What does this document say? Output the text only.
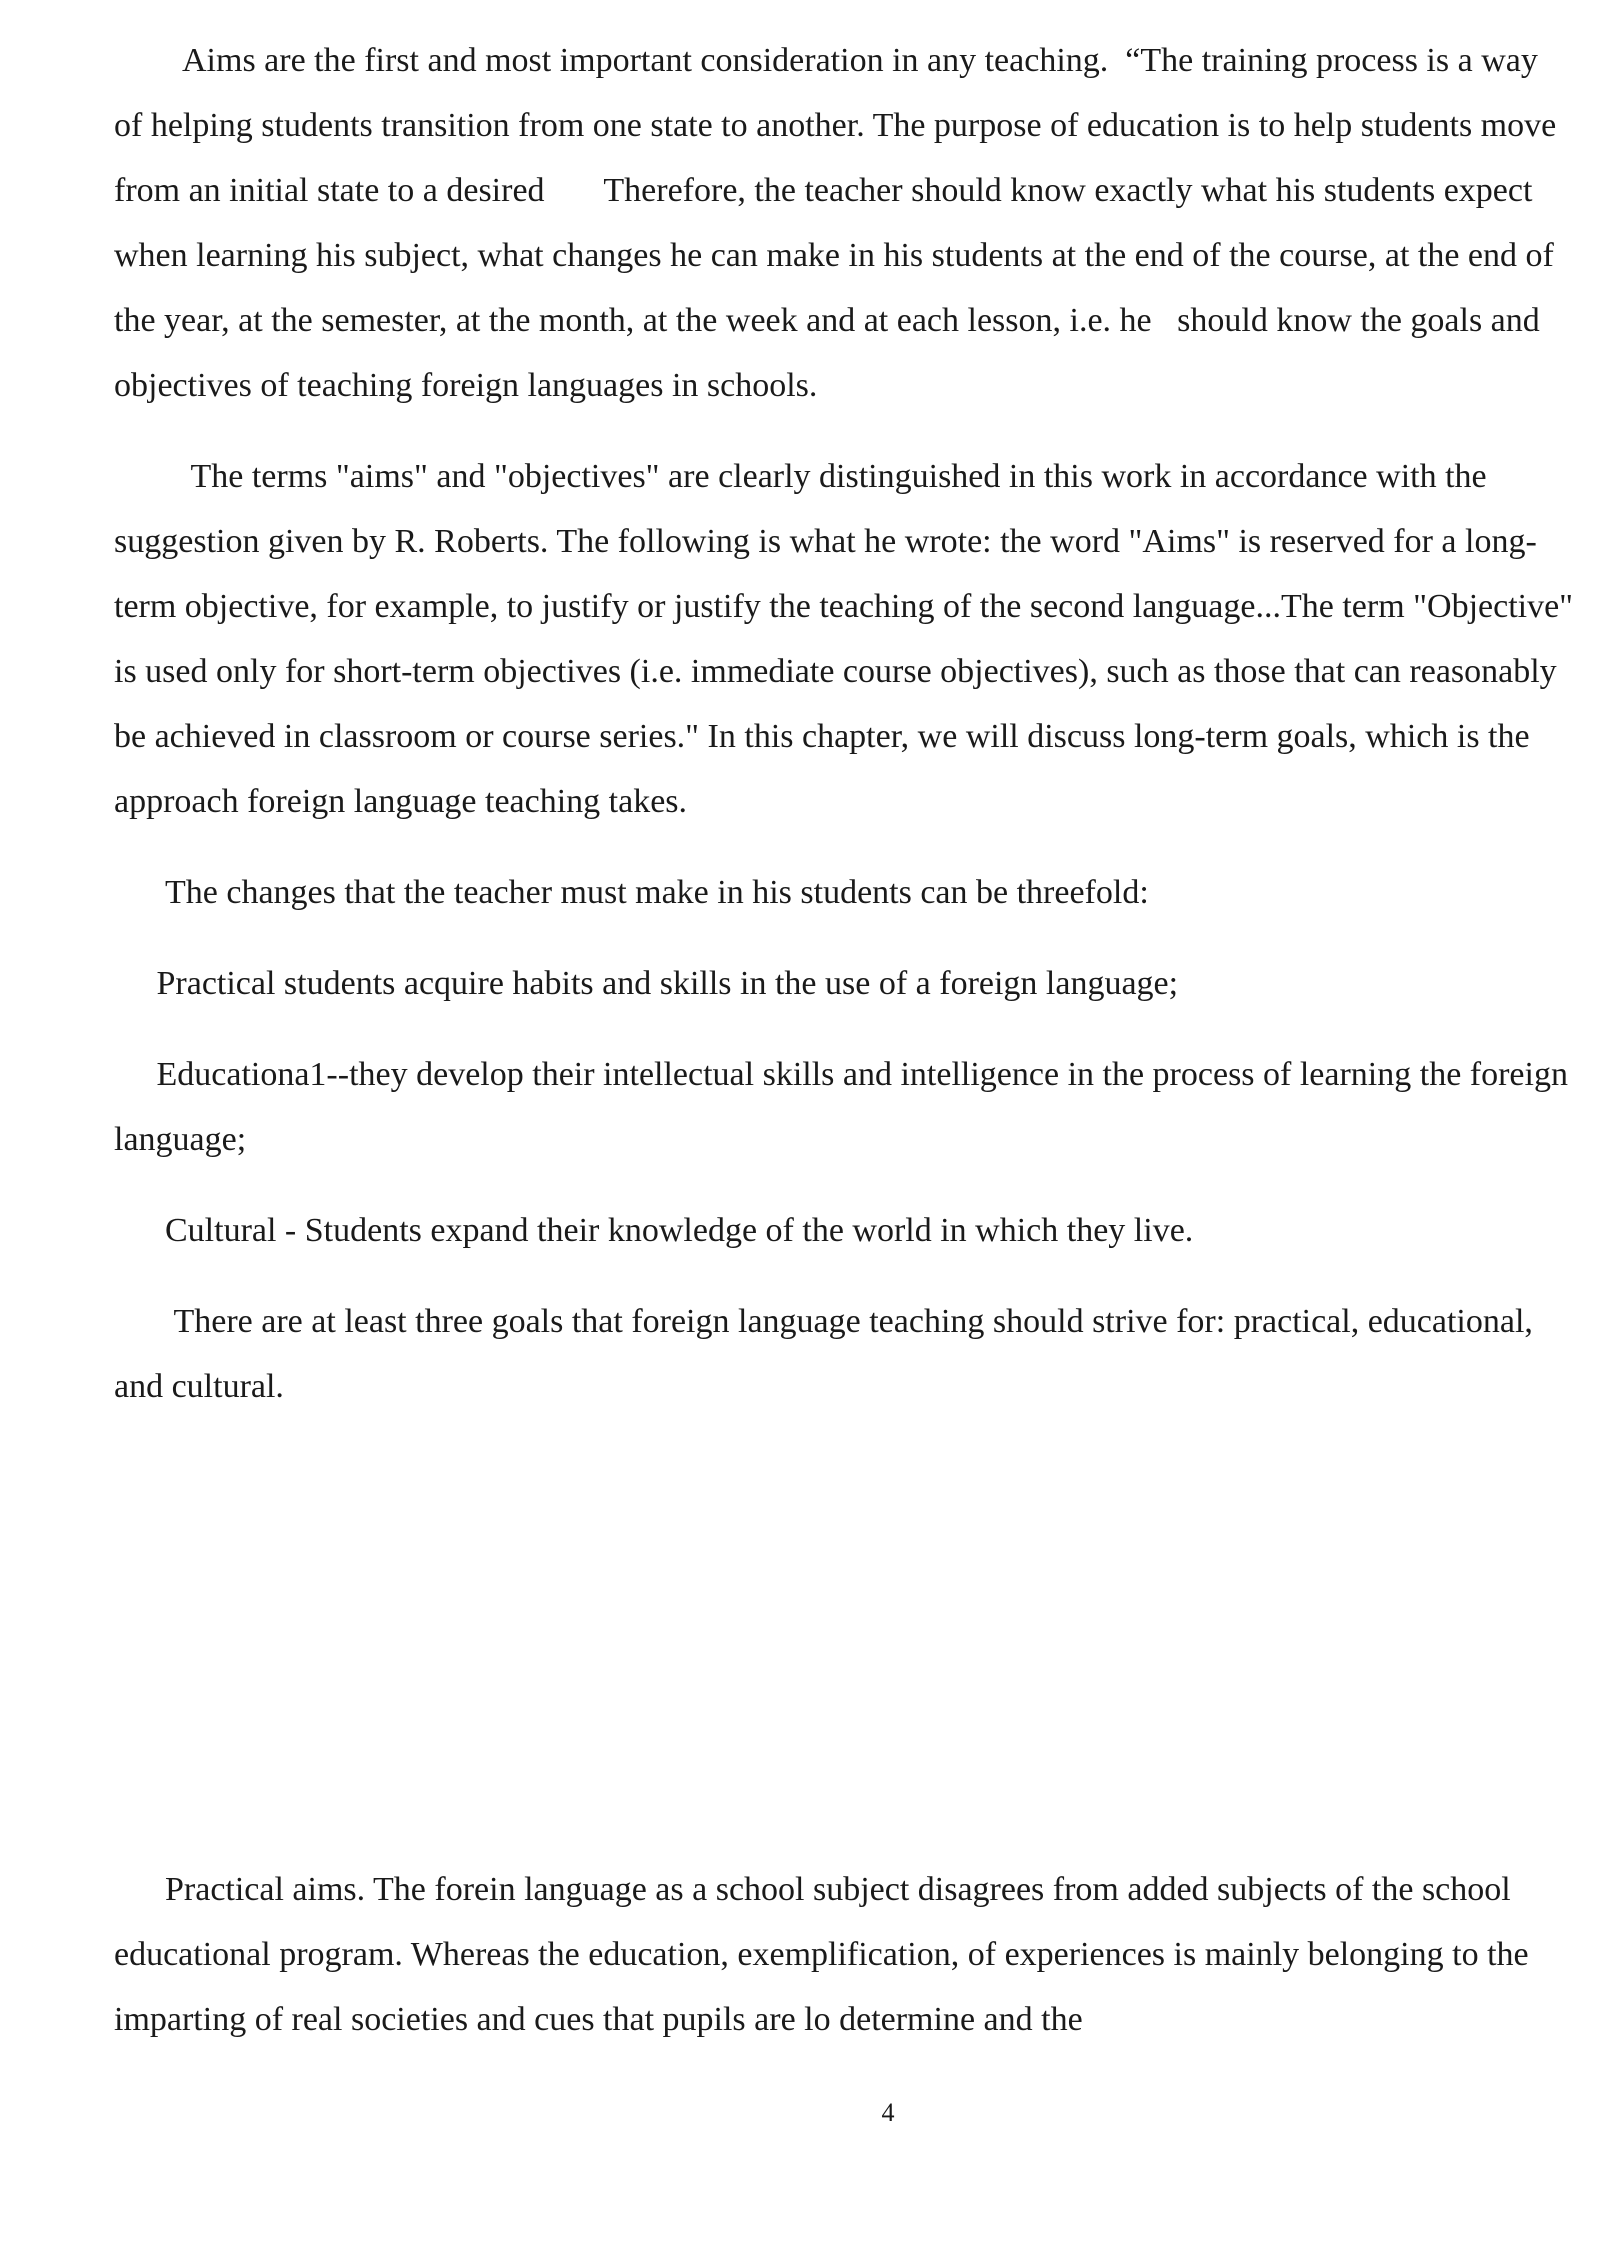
Aims are the first and most important consideration in any teaching.  “The training process is a way of helping students transition from one state to another. The purpose of education is to help students move from an initial state to a desired       Therefore, the teacher should know exactly what his students expect when learning his subject, what changes he can make in his students at the end of the course, at the end of the year, at the semester, at the month, at the week and at each lesson, i.e. he   should know the goals and objectives of teaching foreign languages in schools.

The terms "aims" and "objectives" are clearly distinguished in this work in accordance with the suggestion given by R. Roberts. The following is what he wrote: the word "Aims" is reserved for a long-term objective, for example, to justify or justify the teaching of the second language...The term "Objective" is used only for short-term objectives (i.e. immediate course objectives), such as those that can reasonably be achieved in classroom or course series." In this chapter, we will discuss long-term goals, which is the approach foreign language teaching takes.

The changes that the teacher must make in his students can be threefold:

Practical students acquire habits and skills in the use of a foreign language;

Educationa1--they develop their intellectual skills and intelligence in the process of learning the foreign language;

Cultural - Students expand their knowledge of the world in which they live.

There are at least three goals that foreign language teaching should strive for: practical, educational, and cultural.

Practical aims. The forein language as a school subject disagrees from added subjects of the school educational program. Whereas the education, exemplification, of experiences is mainly belonging to the imparting of real societies and cues that pupils are lo determine and the

4
